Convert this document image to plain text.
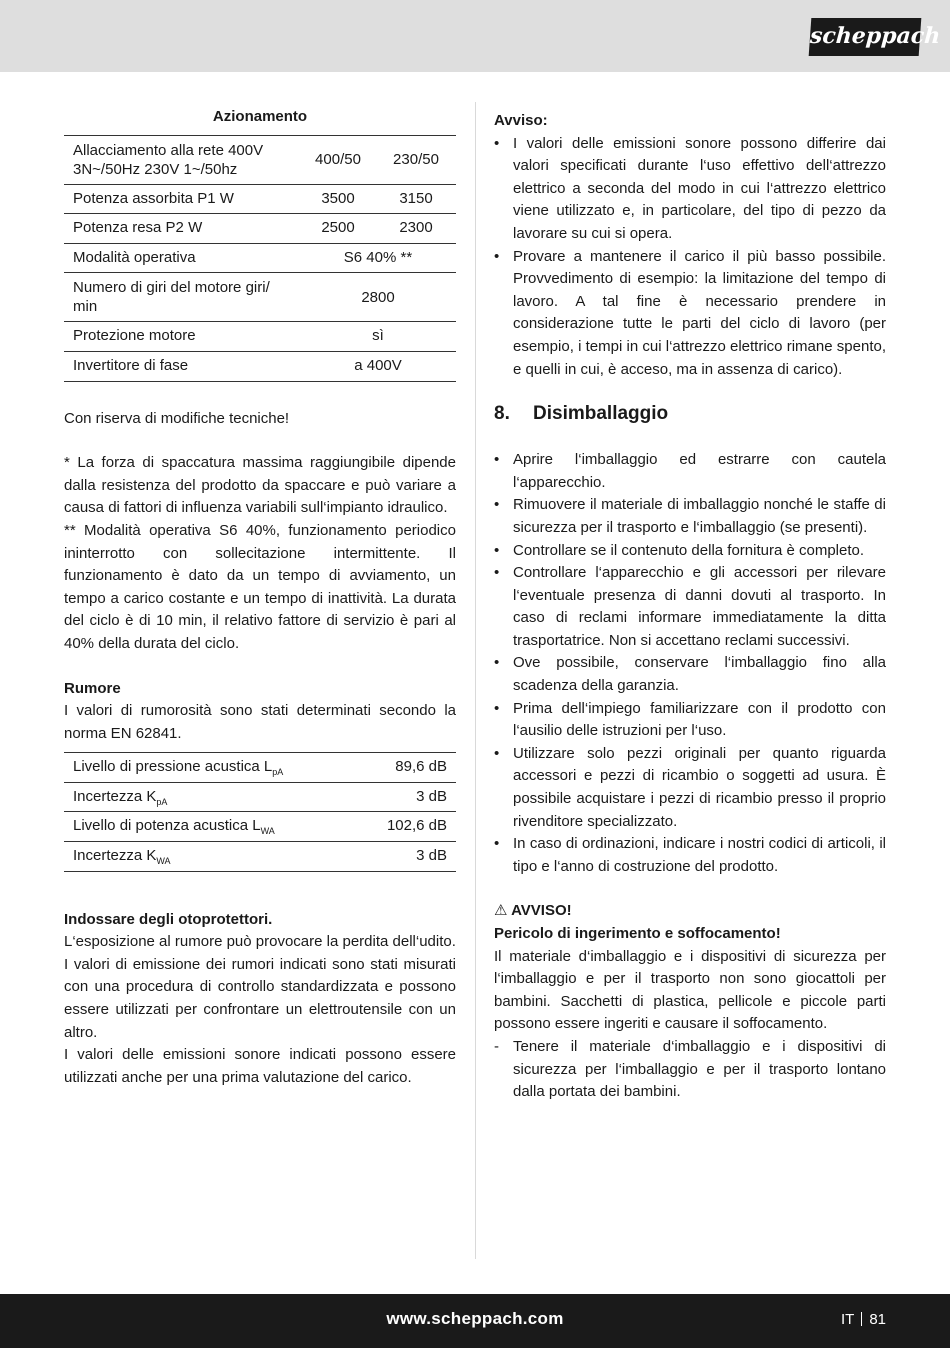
scheppach
Azionamento
Allacciamento alla rete 400V 3N~/50Hz 230V 1~/50hz	400/50	230/50
Potenza assorbita P1 W	3500	3150
Potenza resa P2 W	2500	2300
Modalità operativa	S6 40% **	
Numero di giri del motore giri/ min	2800	
Protezione motore	sì	
Invertitore di fase	a 400V	

Con riserva di modifiche tecniche!

* La forza di spaccatura massima raggiungibile dipende dalla resistenza del prodotto da spaccare e può variare a causa di fattori di influenza variabili sull‘impianto idraulico.

** Modalità operativa S6 40%, funzionamento periodico ininterrotto con sollecitazione intermittente. Il funzionamento è dato da un tempo di avviamento, un tempo a carico costante e un tempo di inattività. La durata del ciclo è di 10 min, il relativo fattore di servizio è pari al 40% della durata del ciclo.

Rumore

I valori di rumorosità sono stati determinati secondo la norma EN 62841.

Livello di pressione acustica $L_{pA}$	89,6 dB
Incertezza $K_{pA}$	3 dB
Livello di potenza acustica $L_{WA}$	102,6 dB
Incertezza $K_{WA}$	3 dB

Indossare degli otoprotettori.

L‘esposizione al rumore può provocare la perdita dell‘udito.

I valori di emissione dei rumori indicati sono stati misurati con una procedura di controllo standardizzata e possono essere utilizzati per confrontare un elettroutensile con un altro.

I valori delle emissioni sonore indicati possono essere utilizzati anche per una prima valutazione del carico.

Avviso:

• I valori delle emissioni sonore possono differire dai valori specificati durante l‘uso effettivo dell‘attrezzo elettrico a seconda del modo in cui l‘attrezzo elettrico viene utilizzato e, in particolare, del tipo di pezzo da lavorare su cui si opera.
• Provare a mantenere il carico il più basso possibile. Provvedimento di esempio: la limitazione del tempo di lavoro. A tal fine è necessario prendere in considerazione tutte le parti del ciclo di lavoro (per esempio, i tempi in cui l‘attrezzo elettrico rimane spento, e quelli in cui, è acceso, ma in assenza di carico).
8. Disimballaggio
• Aprire l‘imballaggio ed estrarre con cautela l‘apparecchio.
• Rimuovere il materiale di imballaggio nonché le staffe di sicurezza per il trasporto e l‘imballaggio (se presenti).
• Controllare se il contenuto della fornitura è completo.
• Controllare l‘apparecchio e gli accessori per rilevare l‘eventuale presenza di danni dovuti al trasporto. In caso di reclami informare immediatamente la ditta trasportatrice. Non si accettano reclami successivi.
• Ove possibile, conservare l‘imballaggio fino alla scadenza della garanzia.
• Prima dell‘impiego familiarizzare con il prodotto con l‘ausilio delle istruzioni per l‘uso.
• Utilizzare solo pezzi originali per quanto riguarda accessori e pezzi di ricambio o soggetti ad usura. È possibile acquistare i pezzi di ricambio presso il proprio rivenditore specializzato.
• In caso di ordinazioni, indicare i nostri codici di articoli, il tipo e l‘anno di costruzione del prodotto.

⚠ AVVISO!

Pericolo di ingerimento e soffocamento!

Il materiale d‘imballaggio e i dispositivi di sicurezza per l‘imballaggio e per il trasporto non sono giocattoli per bambini. Sacchetti di plastica, pellicole e piccole parti possono essere ingeriti e causare il soffocamento.

- Tenere il materiale d‘imballaggio e i dispositivi di sicurezza per l‘imballaggio e per il trasporto lontano dalla portata dei bambini.
www.scheppach.com	IT 81
